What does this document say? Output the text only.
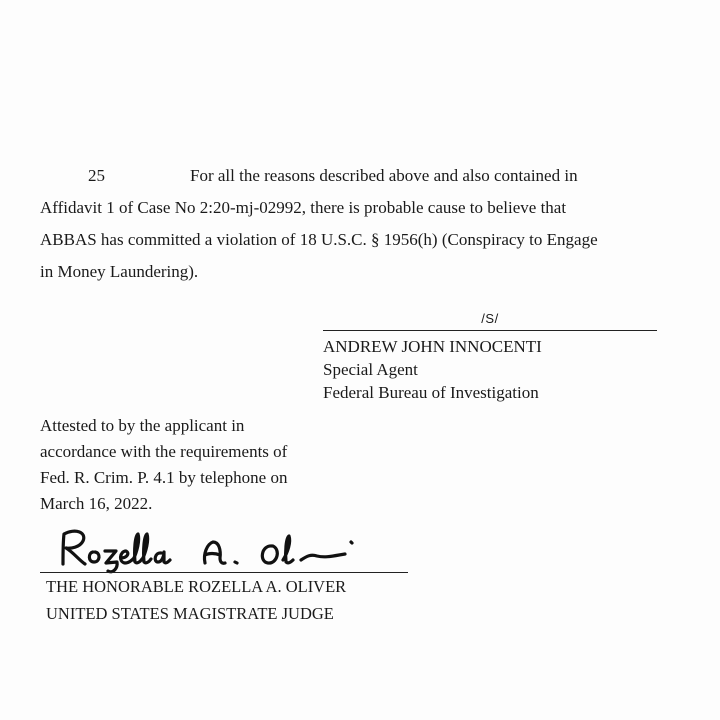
25	For all the reasons described above and also contained in
Affidavit 1 of Case No 2:20-mj-02992, there is probable cause to believe that
ABBAS has committed a violation of 18 U.S.C. § 1956(h) (Conspiracy to Engage
in Money Laundering).
/S/
ANDREW JOHN INNOCENTI
Special Agent
Federal Bureau of Investigation
Attested to by the applicant in
accordance with the requirements of
Fed. R. Crim. P. 4.1 by telephone on
March 16, 2022.
THE HONORABLE ROZELLA A. OLIVER
UNITED STATES MAGISTRATE JUDGE
